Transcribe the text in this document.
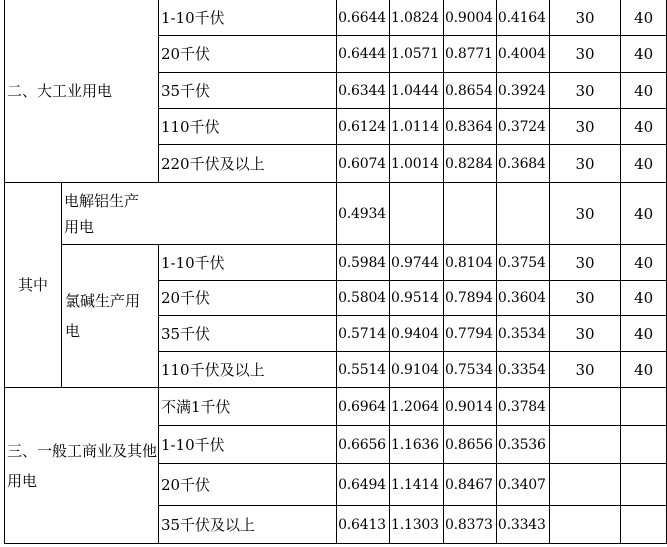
二、大工业用电		1-10千伏	0.6644	1.0824	0.9004	0.4164	30	40
		20千伏	0.6444	1.0571	0.8771	0.4004	30	40
		35千伏	0.6344	1.0444	0.8654	0.3924	30	40
		110千伏	0.6124	1.0114	0.8364	0.3724	30	40
		220千伏及以上	0.6074	1.0014	0.8284	0.3684	30	40
其中	电解铝生产用电		0.4934				30	40

	氯碱生产用电	1-10千伏	0.5984	0.9744	0.8104	0.3754	30	40
		20千伏	0.5804	0.9514	0.7894	0.3604	30	40
		35千伏	0.5714	0.9404	0.7794	0.3534	30	40
		110千伏及以上	0.5514	0.9104	0.7534	0.3354	30	40

三、一般工商业及其他用电		不满1千伏	0.6964	1.2064	0.9014	0.3784		
		1-10千伏	0.6656	1.1636	0.8656	0.3536		
		20千伏	0.6494	1.1414	0.8467	0.3407		
		35千伏及以上	0.6413	1.1303	0.8373	0.3343		
